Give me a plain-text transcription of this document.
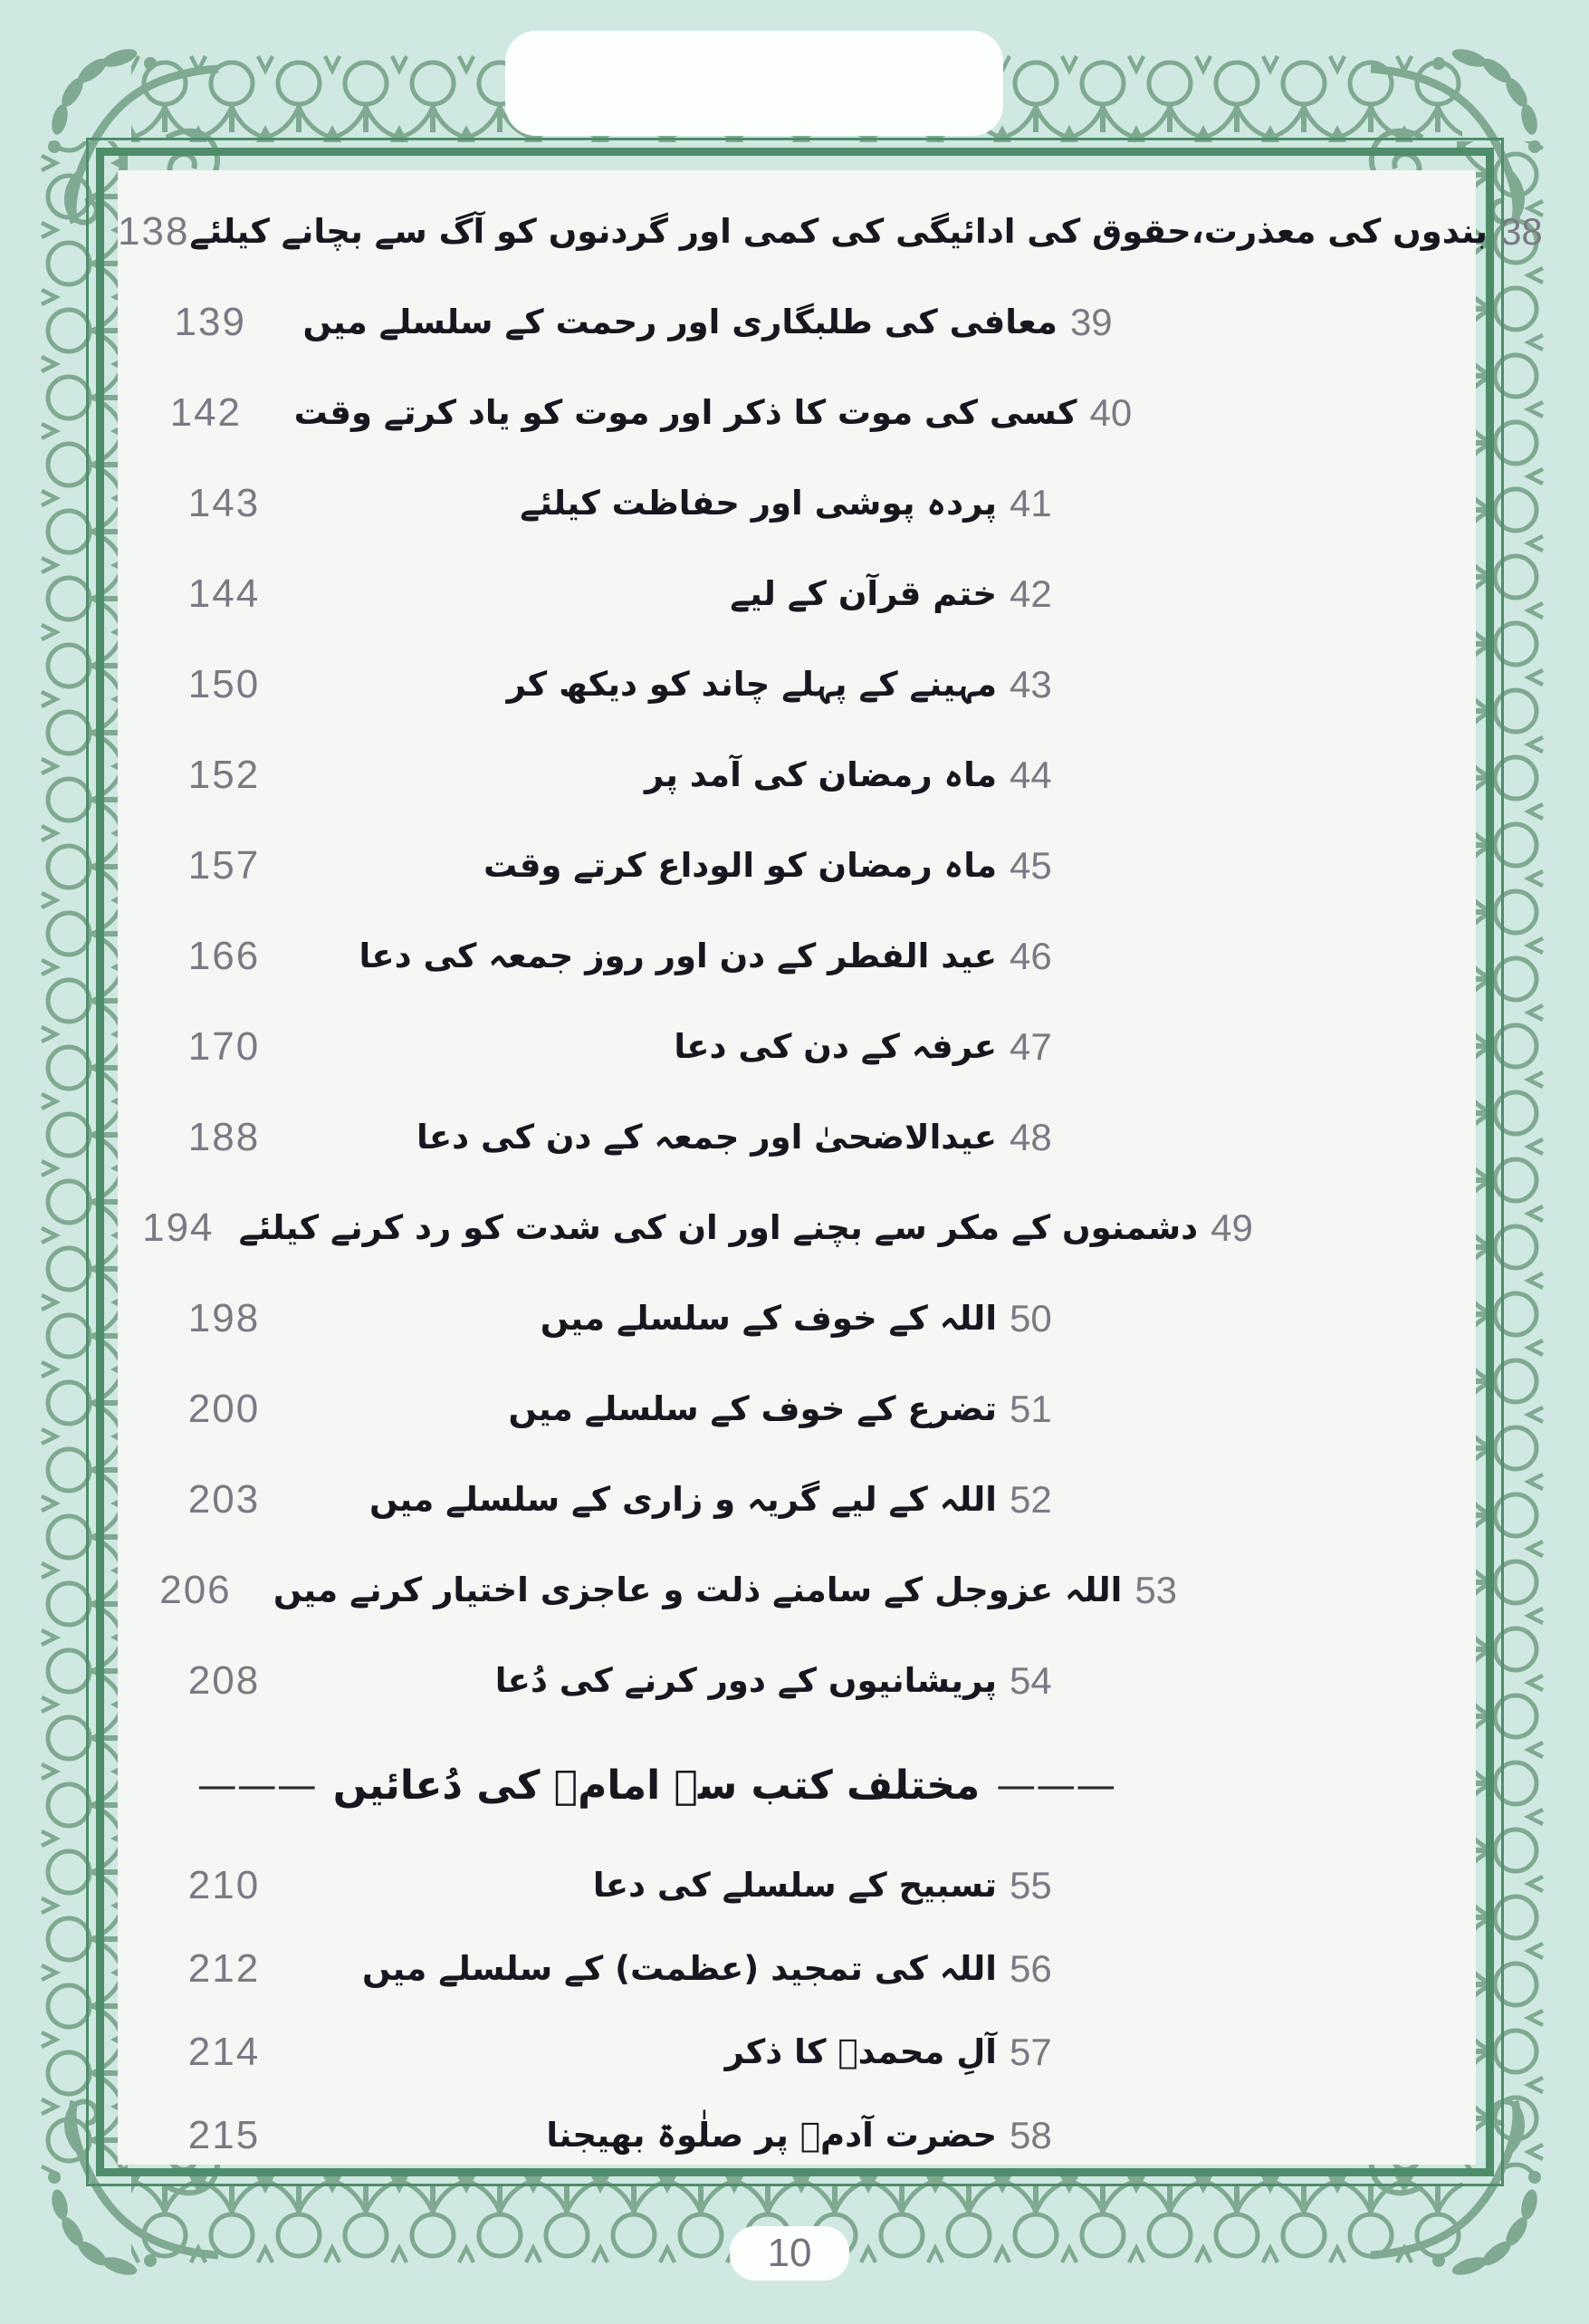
138 بندوں کی معذرت،حقوق کی ادائیگی کی کمی اور گردنوں کو آگ سے بچانے کیلئے 38
139	معافی کی طلبگاری اور رحمت کے سلسلے میں 39
142	کسی کی موت کا ذکر اور موت کو یاد کرتے وقت 40
143	پردہ پوشی اور حفاظت کیلئے 41
144	ختم قرآن کے لیے 42
150	مہینے کے پہلے چاند کو دیکھ کر 43
152	ماہ رمضان کی آمد پر 44
157	ماہ رمضان کو الوداع کرتے وقت 45
166	عید الفطر کے دن اور روز جمعہ کی دعا 46
170	عرفہ کے دن کی دعا 47
188	عیدالاضحیٰ اور جمعہ کے دن کی دعا 48
194 دشمنوں کے مکر سے بچنے اور ان کی شدت کو رد کرنے کیلئے 49
198	اللہ کے خوف کے سلسلے میں 50
200	تضرع کے خوف کے سلسلے میں 51
203	اللہ کے لیے گریہ و زاری کے سلسلے میں 52
206	اللہ عزوجل کے سامنے ذلت و عاجزی اختیار کرنے میں 53
208	پریشانیوں کے دور کرنے کی دُعا 54
———مختلف کتب سے امامؑ کی دُعائیں———
210	تسبیح کے سلسلے کی دعا 55
212	اللہ کی تمجید (عظمت) کے سلسلے میں 56
214	آلِ محمدؐ کا ذکر 57
215	حضرت آدمؑ پر صلٰوۃ بھیجنا 58
10
